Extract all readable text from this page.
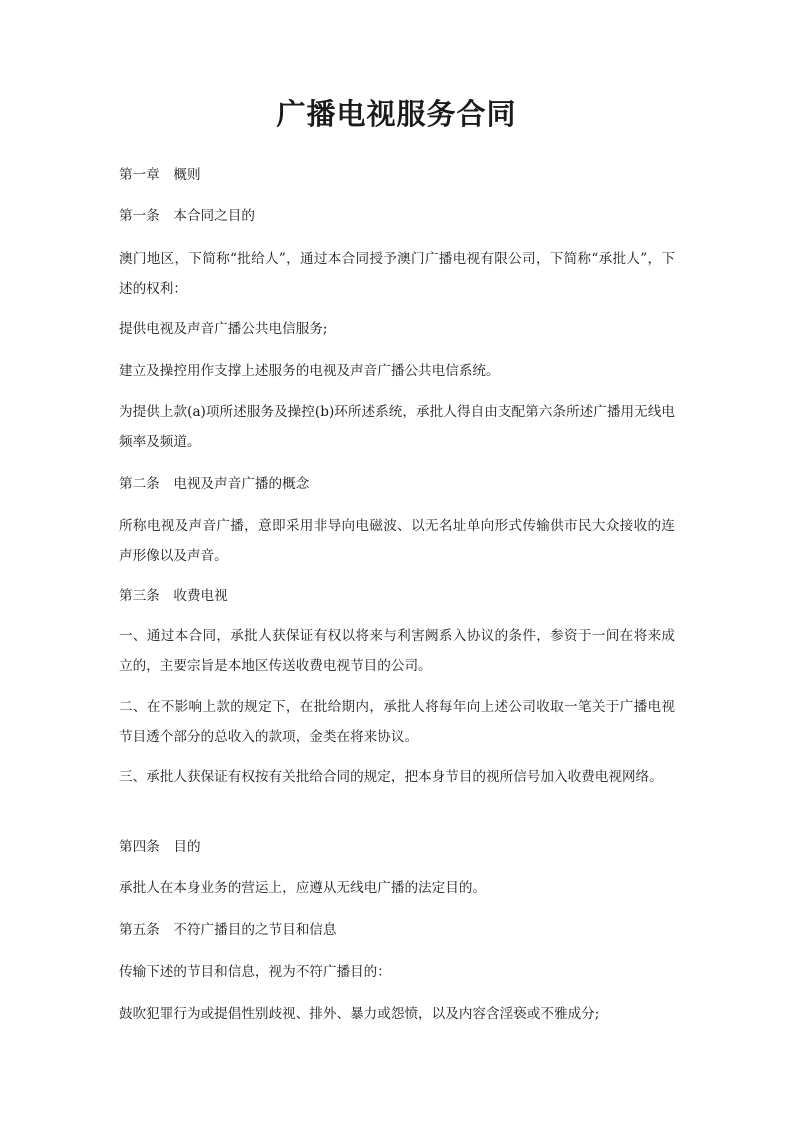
广播电视服务合同

第一章　概则

第一条　本合同之目的

澳门地区，下简称“批给人”，通过本合同授予澳门广播电视有限公司，下简称“承批人”，下述的权利：

提供电视及声音广播公共电信服务;

建立及操控用作支撑上述服务的电视及声音广播公共电信系统。

为提供上款(a)项所述服务及操控(b)环所述系统，承批人得自由支配第六条所述广播用无线电频率及频道。

第二条　电视及声音广播的概念

所称电视及声音广播，意即采用非导向电磁波、以无名址单向形式传输供市民大众接收的连声形像以及声音。

第三条　收费电视

一、通过本合同，承批人获保证有权以将来与利害阙系入协议的条件，参资于一间在将来成立的，主要宗旨是本地区传送收费电视节目的公司。

二、在不影响上款的规定下，在批给期内，承批人将每年向上述公司收取一笔关于广播电视节目透个部分的总收入的款项，金类在将来协议。

三、承批人获保证有权按有关批给合同的规定，把本身节目的视所信号加入收费电视网络。

第四条　目的

承批人在本身业务的营运上，应遵从无线电广播的法定目的。

第五条　不符广播目的之节目和信息

传输下述的节目和信息，视为不符广播目的：

鼓吹犯罪行为或提倡性别歧视、排外、暴力或怨愤，以及内容含淫亵或不雅成分;
